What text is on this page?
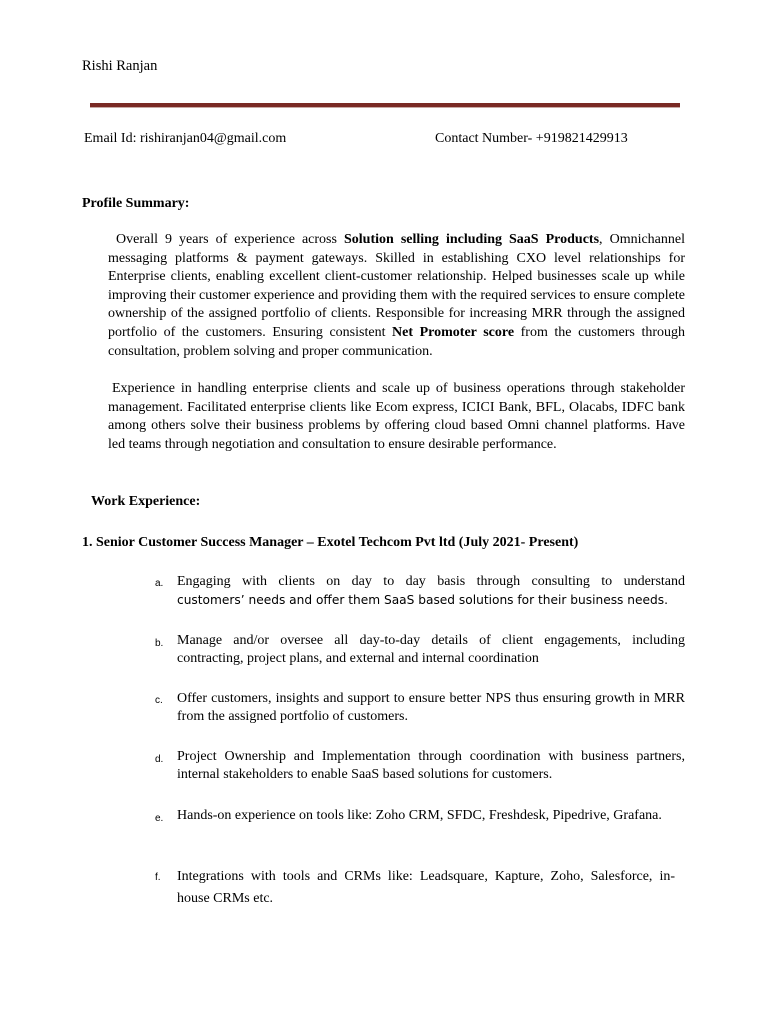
Rishi Ranjan
Email Id: rishiranjan04@gmail.com	Contact Number- +919821429913
Profile Summary:

Overall 9 years of experience across Solution selling including SaaS Products, Omnichannel messaging platforms & payment gateways. Skilled in establishing CXO level relationships for Enterprise clients, enabling excellent client-customer relationship. Helped businesses scale up while improving their customer experience and providing them with the required services to ensure complete ownership of the assigned portfolio of clients. Responsible for increasing MRR through the assigned portfolio of the customers. Ensuring consistent Net Promoter score from the customers through consultation, problem solving and proper communication.

Experience in handling enterprise clients and scale up of business operations through stakeholder management. Facilitated enterprise clients like Ecom express, ICICI Bank, BFL, Olacabs, IDFC bank among others solve their business problems by offering cloud based Omni channel platforms. Have led teams through negotiation and consultation to ensure desirable performance.

Work Experience:
1. Senior Customer Success Manager – Exotel Techcom Pvt ltd (July 2021- Present)
a. Engaging with clients on day to day basis through consulting to understand
customers’ needs and offer them SaaS based solutions for their business needs.
b. Manage and/or oversee all day-to-day details of client engagements, including contracting, project plans, and external and internal coordination
c. Offer customers, insights and support to ensure better NPS thus ensuring growth in MRR from the assigned portfolio of customers.
d. Project Ownership and Implementation through coordination with business partners, internal stakeholders to enable SaaS based solutions for customers.
e. Hands-on experience on tools like: Zoho CRM, SFDC, Freshdesk, Pipedrive, Grafana.
f. Integrations with tools and CRMs like: Leadsquare, Kapture, Zoho, Salesforce, in-
house CRMs etc.
